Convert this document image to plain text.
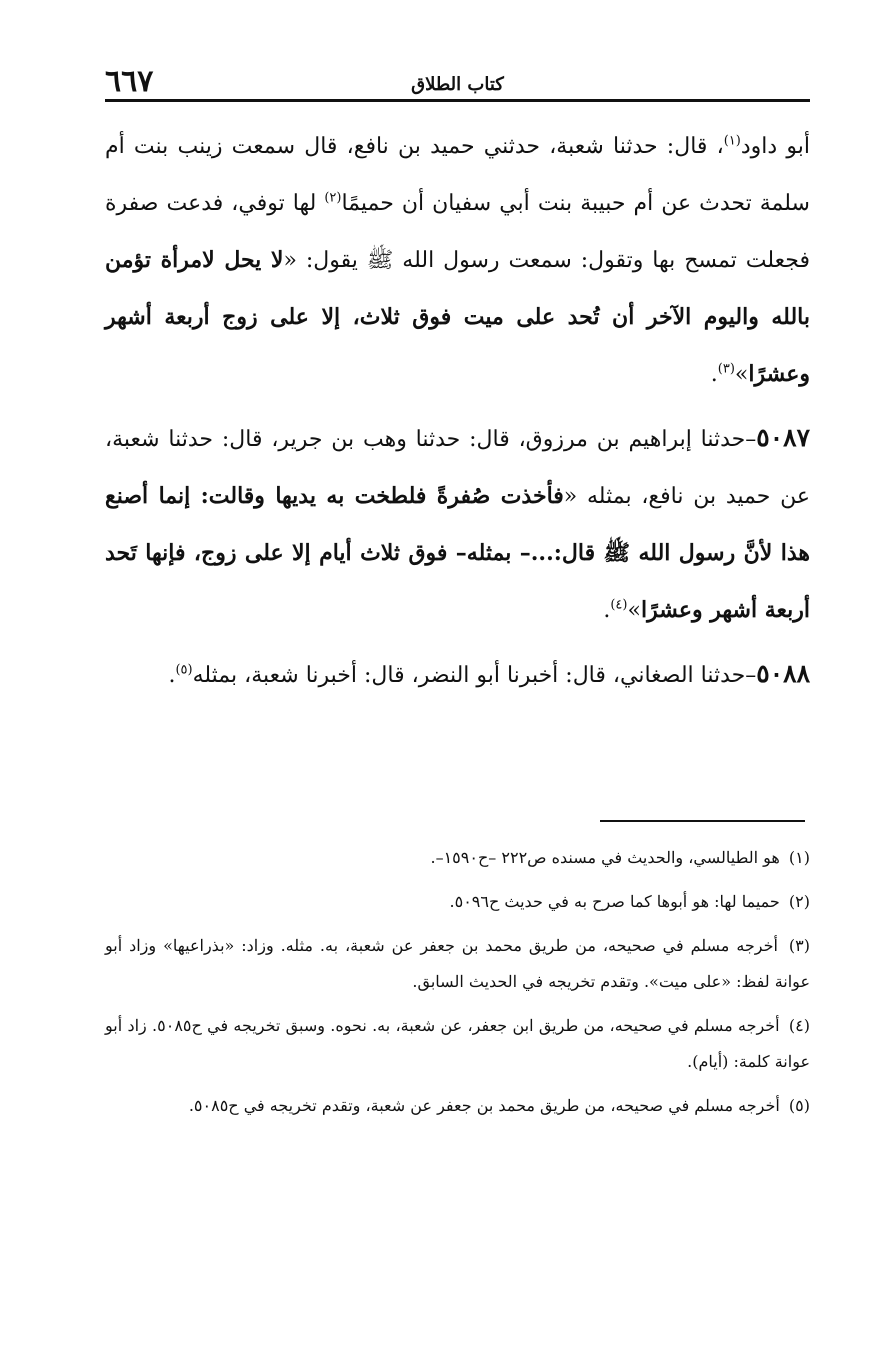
٦٦٧	كتاب الطلاق

أبو داود$^{(١)}$، قال: حدثنا شعبة، حدثني حميد بن نافع، قال سمعت زينب بنت أم سلمة تحدث عن أم حبيبة بنت أبي سفيان أن حميمًا$^{(٢)}$ لها توفي، فدعت صفرة فجعلت تمسح بها وتقول: سمعت رسول الله ﷺ يقول: «لا يحل لامرأة تؤمن بالله واليوم الآخر أن تُحد على ميت فوق ثلاث، إلا على زوج أربعة أشهر وعشرًا»$^{(٣)}$.

٥٠٨٧–حدثنا إبراهيم بن مرزوق، قال: حدثنا وهب بن جرير، قال: حدثنا شعبة، عن حميد بن نافع، بمثله «فأخذت صُفرةً فلطخت به يديها وقالت: إنما أصنع هذا لأنَّ رسول الله ﷺ قال:...– بمثله– فوق ثلاث أيام إلا على زوج، فإنها تَحد أربعة أشهر وعشرًا»$^{(٤)}$.

٥٠٨٨–حدثنا الصغاني، قال: أخبرنا أبو النضر، قال: أخبرنا شعبة، بمثله$^{(٥)}$.

(١) هو الطيالسي، والحديث في مسنده ص٢٢٢ –ح١٥٩٠–.

(٢) حميما لها: هو أبوها كما صرح به في حديث ح٥٠٩٦.

(٣) أخرجه مسلم في صحيحه، من طريق محمد بن جعفر عن شعبة، به. مثله. وزاد: «بذراعيها» وزاد أبو عوانة لفظ: «على ميت». وتقدم تخريجه في الحديث السابق.

(٤) أخرجه مسلم في صحيحه، من طريق ابن جعفر، عن شعبة، به. نحوه. وسبق تخريجه في ح٥٠٨٥. زاد أبو عوانة كلمة: (أيام).

(٥) أخرجه مسلم في صحيحه، من طريق محمد بن جعفر عن شعبة، وتقدم تخريجه في ح٥٠٨٥.
